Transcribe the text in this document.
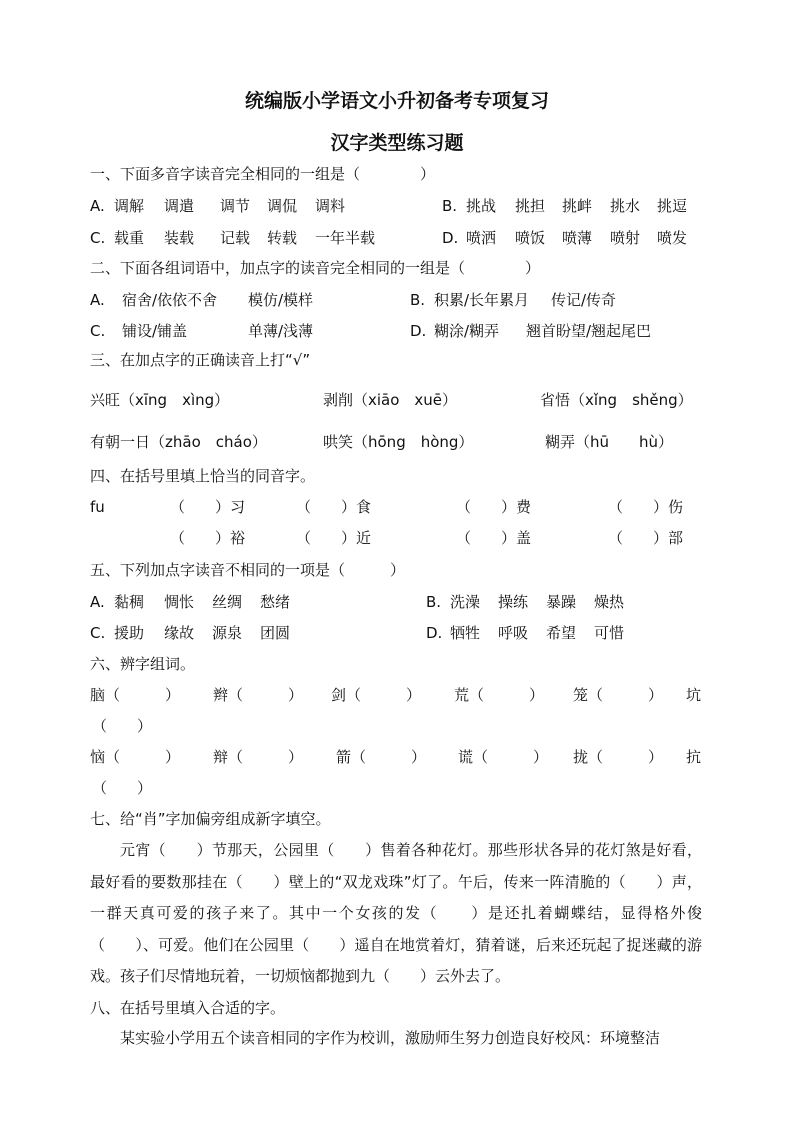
统编版小学语文小升初备考专项复习
汉字类型练习题
一、下面多音字读音完全相同的一组是（　　　　）
A. 调解 调遣 调节 调侃 调料	B. 挑战 挑担 挑衅 挑水 挑逗
C. 载重 装载 记载 转载 一年半载	D. 喷洒 喷饭 喷薄 喷射 喷发
二、下面各组词语中，加点字的读音完全相同的一组是（　　　　）
A. 宿舍/依依不舍 模仿/模样	B. 积累/长年累月 传记/传奇
C. 铺设/铺盖	单薄/浅薄	D. 糊涂/糊弄 翘首盼望/翘起尾巴
三、在加点字的正确读音上打“√”
兴旺（xīng　xìng）	剥削（xiāo　xuē）	省悟（xǐng　shěng）
有朝一日（zhāo　cháo）	哄笑（hōng　hòng）	糊弄（hū　　hù）
四、在括号里填上恰当的同音字。
fu	（　　）习	（　　）食	（　　）费	（　　）伤
（　　）裕	（　　）近	（　　）盖	（　　）部
五、下列加点字读音不相同的一项是（　　　）
A. 黏稠 惆怅 丝绸 愁绪	B. 洗澡 操练 暴躁 燥热
C. 援助 缘故 源泉 团圆	D. 牺牲 呼吸 希望 可惜
六、辨字组词。
脑（　　　） 辫（　　　） 剑（　　　） 荒（　　　） 笼（　　　） 坑
（　　）
恼（　　　） 辩（　　　） 箭（　　　） 谎（　　　） 拢（　　　） 抗
（　　）
七、给“肖”字加偏旁组成新字填空。
元宵（　　）节那天，公园里（　　）售着各种花灯。那些形状各异的花灯煞是好看，最好看的要数那挂在（　　）壁上的“双龙戏珠”灯了。午后，传来一阵清脆的（　　）声，一群天真可爱的孩子来了。其中一个女孩的发（　　）是还扎着蝴蝶结，显得格外俊（　　）、可爱。他们在公园里（　　）遥自在地赏着灯，猜着谜，后来还玩起了捉迷藏的游戏。孩子们尽情地玩着，一切烦恼都抛到九（　　）云外去了。
八、在括号里填入合适的字。
某实验小学用五个读音相同的字作为校训，激励师生努力创造良好校风：环境整洁
